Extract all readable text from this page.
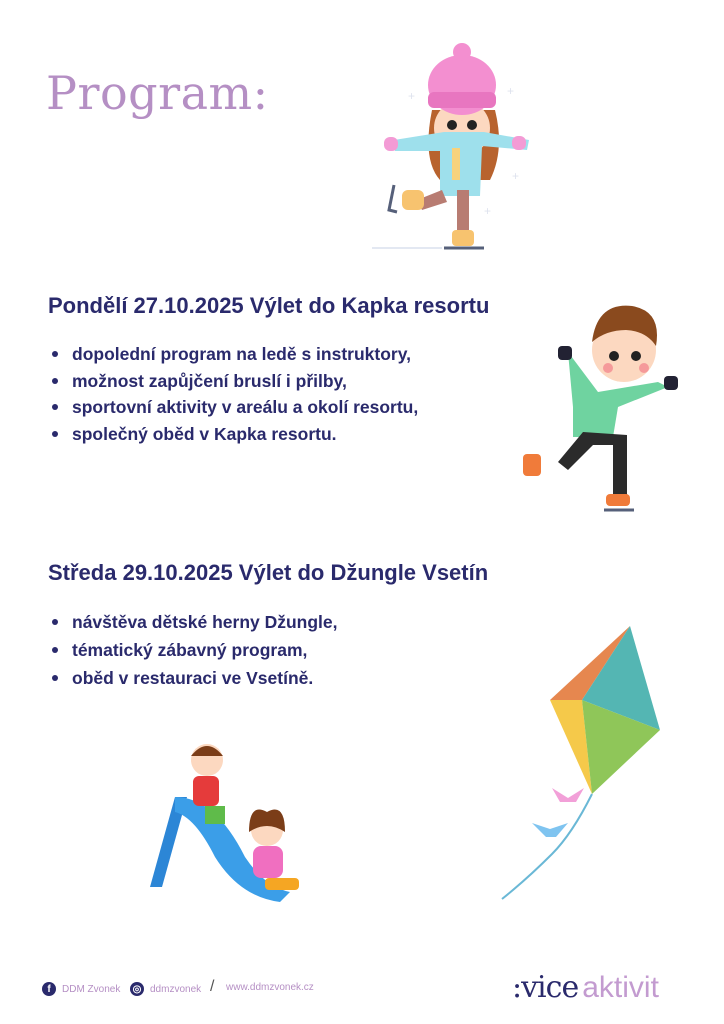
Program:	+	+
+
+
Pondělí 27.10.2025 Výlet do Kapka resortu
dopolední program na ledě s instruktory,
možnost zapůjčení bruslí i přilby,
sportovní aktivity v areálu a okolí resortu,
společný oběd v Kapka resortu.
Středa 29.10.2025 Výlet do Džungle Vsetín
návštěva dětské herny Džungle,
tématický zábavný program,
oběd v restauraci ve Vsetíně.
f	DDM Zvonek ◎ ddmzvonek / www.ddmzvonek.cz	:vice aktivit
